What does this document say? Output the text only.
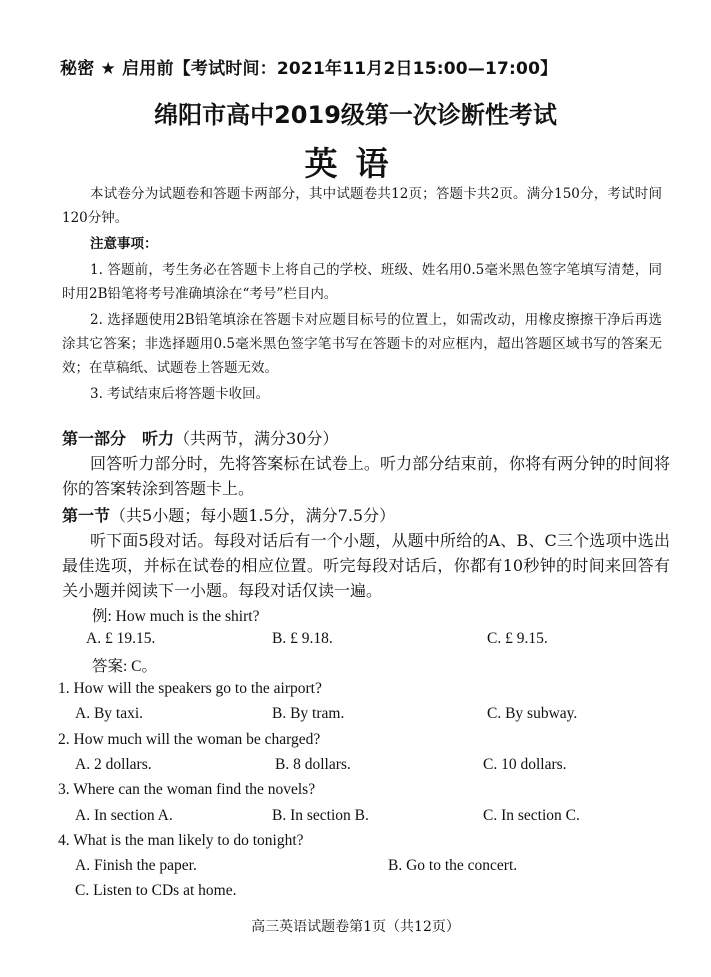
秘密 ★ 启用前【考试时间：2021年11月2日15:00—17:00】
绵阳市高中2019级第一次诊断性考试
英语
本试卷分为试题卷和答题卡两部分，其中试题卷共12页；答题卡共2页。满分150分，考试时间120分钟。
注意事项：
1. 答题前，考生务必在答题卡上将自己的学校、班级、姓名用0.5毫米黑色签字笔填写清楚，同时用2B铅笔将考号准确填涂在“考号”栏目内。
2. 选择题使用2B铅笔填涂在答题卡对应题目标号的位置上，如需改动，用橡皮擦擦干净后再选涂其它答案；非选择题用0.5毫米黑色签字笔书写在答题卡的对应框内，超出答题区域书写的答案无效；在草稿纸、试题卷上答题无效。
3. 考试结束后将答题卡收回。
第一部分　听力（共两节，满分30分）
回答听力部分时，先将答案标在试卷上。听力部分结束前，你将有两分钟的时间将你的答案转涂到答题卡上。
第一节（共5小题；每小题1.5分，满分7.5分）
听下面5段对话。每段对话后有一个小题，从题中所给的A、B、C三个选项中选出最佳选项，并标在试卷的相应位置。听完每段对话后，你都有10秒钟的时间来回答有关小题并阅读下一小题。每段对话仅读一遍。
例: How much is the shirt?
A. £ 19.15.	B. £ 9.18.	C. £ 9.15.
答案: C。
1. How will the speakers go to the airport?
A. By taxi.	B. By tram.	C. By subway.
2. How much will the woman be charged?
A. 2 dollars.	B. 8 dollars.	C. 10 dollars.
3. Where can the woman find the novels?
A. In section A.	B. In section B.	C. In section C.
4. What is the man likely to do tonight?
A. Finish the paper.	B. Go to the concert.
C. Listen to CDs at home.
高三英语试题卷第1页（共12页）
